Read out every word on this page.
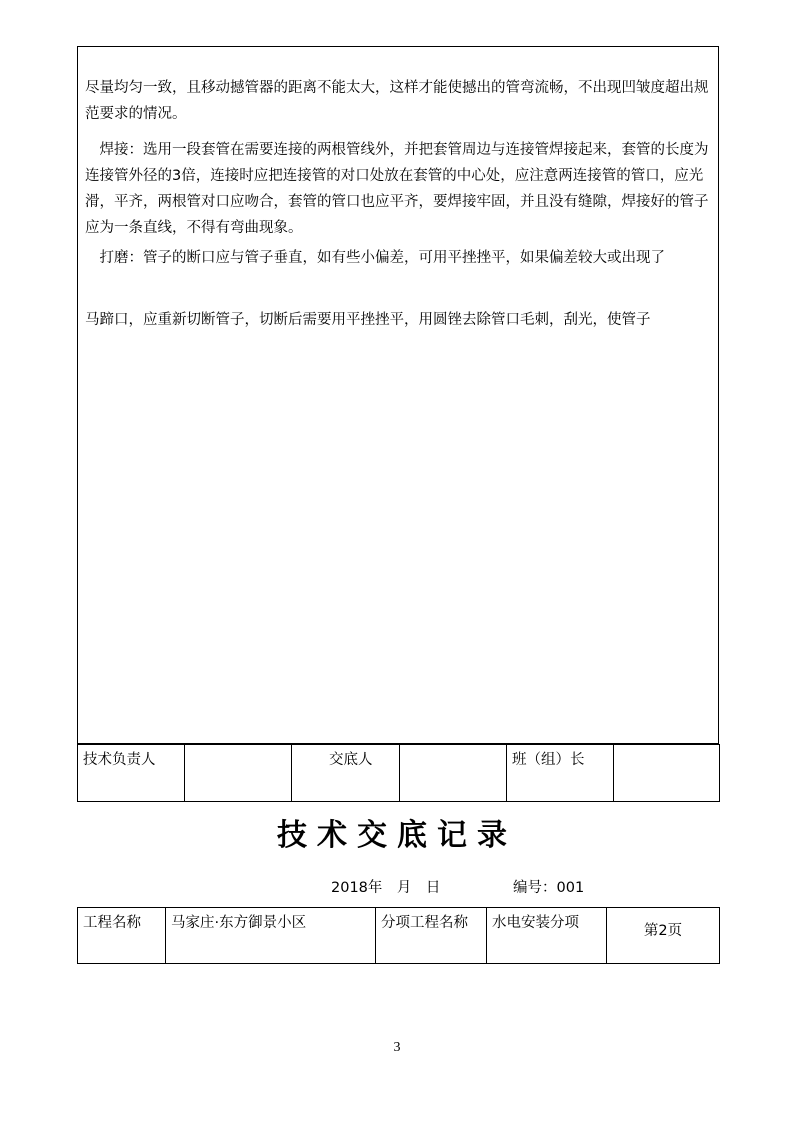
尽量均匀一致，且移动撼管器的距离不能太大，这样才能使撼出的管弯流畅，不出现凹皱度超出规范要求的情况。

　焊接：选用一段套管在需要连接的两根管线外，并把套管周边与连接管焊接起来，套管的长度为连接管外径的3倍，连接时应把连接管的对口处放在套管的中心处，应注意两连接管的管口，应光滑，平齐，两根管对口应吻合，套管的管口也应平齐，要焊接牢固，并且没有缝隙，焊接好的管子应为一条直线，不得有弯曲现象。

　打磨：管子的断口应与管子垂直，如有些小偏差，可用平挫挫平，如果偏差较大或出现了

马蹄口，应重新切断管子，切断后需要用平挫挫平，用圆锉去除管口毛刺，刮光，使管子

技术负责人		交底人		班（组）长	
技术交底记录
2018年　月　日	编号：001
工程名称	马家庄·东方御景小区	分项工程名称	水电安装分项	第2页
3
